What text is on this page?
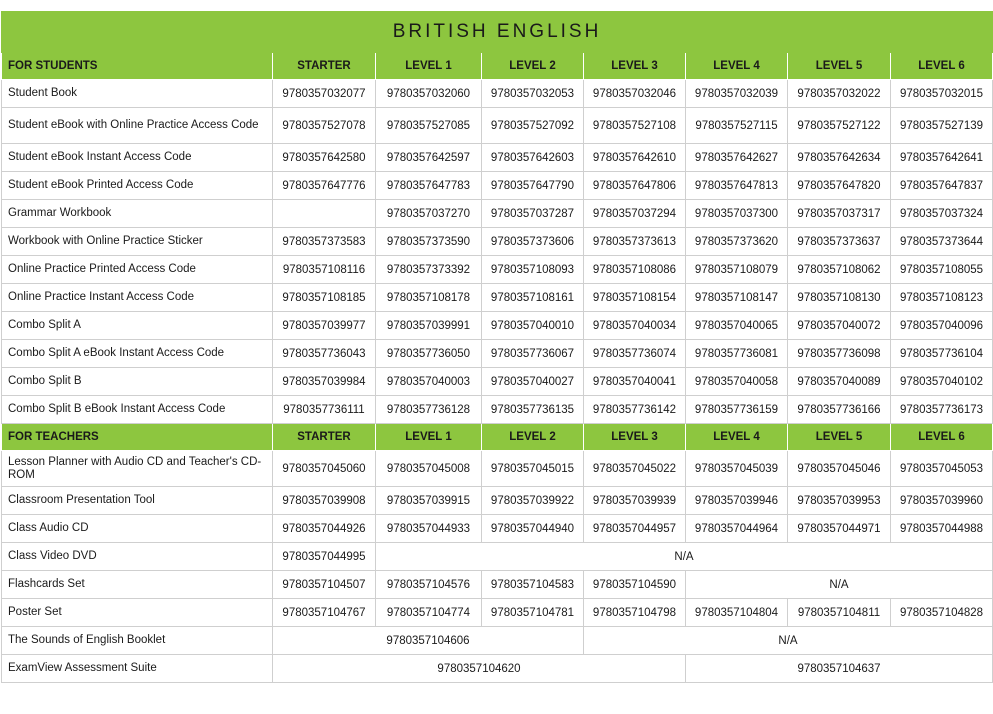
BRITISH ENGLISH							
FOR STUDENTS	STARTER	LEVEL 1	LEVEL 2	LEVEL 3	LEVEL 4	LEVEL 5	LEVEL 6
Student Book	9780357032077	9780357032060	9780357032053	9780357032046	9780357032039	9780357032022	9780357032015
Student eBook with Online Practice Access Code	9780357527078	9780357527085	9780357527092	9780357527108	9780357527115	9780357527122	9780357527139
Student eBook Instant Access Code	9780357642580	9780357642597	9780357642603	9780357642610	9780357642627	9780357642634	9780357642641
Student eBook Printed Access Code	9780357647776	9780357647783	9780357647790	9780357647806	9780357647813	9780357647820	9780357647837
Grammar Workbook		9780357037270	9780357037287	9780357037294	9780357037300	9780357037317	9780357037324
Workbook with Online Practice Sticker	9780357373583	9780357373590	9780357373606	9780357373613	9780357373620	9780357373637	9780357373644
Online Practice Printed Access Code	9780357108116	9780357373392	9780357108093	9780357108086	9780357108079	9780357108062	9780357108055
Online Practice Instant Access Code	9780357108185	9780357108178	9780357108161	9780357108154	9780357108147	9780357108130	9780357108123
Combo Split A	9780357039977	9780357039991	9780357040010	9780357040034	9780357040065	9780357040072	9780357040096
Combo Split A eBook Instant Access Code	9780357736043	9780357736050	9780357736067	9780357736074	9780357736081	9780357736098	9780357736104
Combo Split B	9780357039984	9780357040003	9780357040027	9780357040041	9780357040058	9780357040089	9780357040102
Combo Split B eBook Instant Access Code	9780357736111	9780357736128	9780357736135	9780357736142	9780357736159	9780357736166	9780357736173
FOR TEACHERS	STARTER	LEVEL 1	LEVEL 2	LEVEL 3	LEVEL 4	LEVEL 5	LEVEL 6
Lesson Planner with Audio CD and Teacher's CD-ROM	9780357045060	9780357045008	9780357045015	9780357045022	9780357045039	9780357045046	9780357045053
Classroom Presentation Tool	9780357039908	9780357039915	9780357039922	9780357039939	9780357039946	9780357039953	9780357039960
Class Audio CD	9780357044926	9780357044933	9780357044940	9780357044957	9780357044964	9780357044971	9780357044988
Class Video DVD	9780357044995	N/A					
Flashcards Set	9780357104507	9780357104576	9780357104583	9780357104590	N/A		
Poster Set	9780357104767	9780357104774	9780357104781	9780357104798	9780357104804	9780357104811	9780357104828
The Sounds of English Booklet	9780357104606			N/A			
ExamView Assessment Suite	9780357104620				9780357104637		
